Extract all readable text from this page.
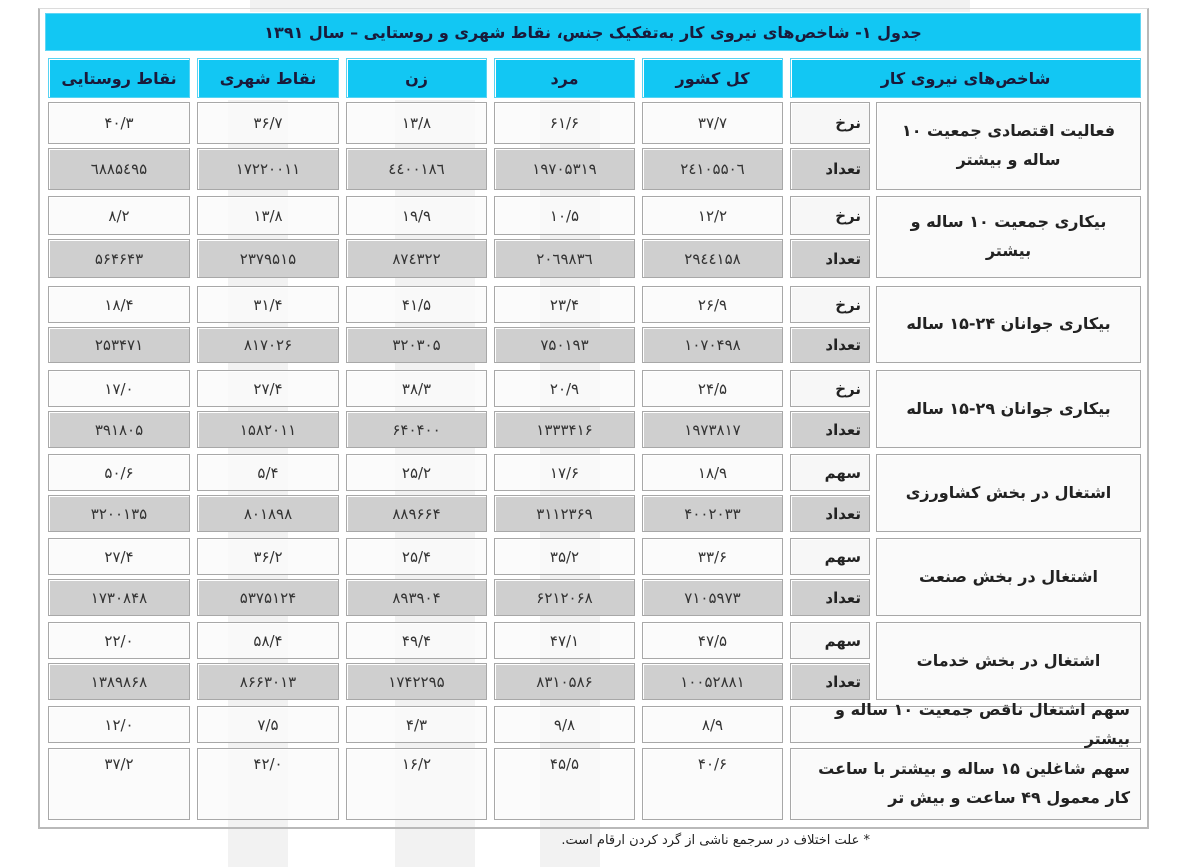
جدول ۱- شاخص‌های نیروی کار به‌تفکیک جنس، نقاط شهری و روستایی – سال ۱۳۹۱
شاخص‌های نیروی کار
کل کشور
مرد
زن
نقاط شهری
نقاط روستایی
فعالیت اقتصادی جمعیت ۱۰ ساله و بیشتر
نرخ
تعداد
۳۷/۷
۶۱/۶
۱۳/۸
۳۶/۷
۴۰/۳
۲٤۱۰۵۵۰٦
۱۹۷۰۵۳۱۹
٤٤۰۰۱۸٦
۱۷۲۲۰۰۱۱
٦۸۸۵٤۹۵
بیکاری جمعیت ۱۰ ساله و بیشتر
نرخ
تعداد
۱۲/۲
۱۰/۵
۱۹/۹
۱۳/۸
۸/۲
۲۹٤٤۱۵۸
۲۰٦۹۸۳٦
۸۷٤۳۲۲
۲۳۷۹۵۱۵
۵۶۴۶۴۳
بیکاری جوانان ۲۴-۱۵ ساله
نرخ
تعداد
۲۶/۹
۲۳/۴
۴۱/۵
۳۱/۴
۱۸/۴
۱۰۷۰۴۹۸
۷۵۰۱۹۳
۳۲۰۳۰۵
۸۱۷۰۲۶
۲۵۳۴۷۱
بیکاری جوانان ۲۹-۱۵ ساله
نرخ
تعداد
۲۴/۵
۲۰/۹
۳۸/۳
۲۷/۴
۱۷/۰
۱۹۷۳۸۱۷
۱۳۳۳۴۱۶
۶۴۰۴۰۰
۱۵۸۲۰۱۱
۳۹۱۸۰۵
اشتغال در بخش کشاورزی
سهم
تعداد
۱۸/۹
۱۷/۶
۲۵/۲
۵/۴
۵۰/۶
۴۰۰۲۰۳۳
۳۱۱۲۳۶۹
۸۸۹۶۶۴
۸۰۱۸۹۸
۳۲۰۰۱۳۵
اشتغال در بخش صنعت
سهم
تعداد
۳۳/۶
۳۵/۲
۲۵/۴
۳۶/۲
۲۷/۴
۷۱۰۵۹۷۳
۶۲۱۲۰۶۸
۸۹۳۹۰۴
۵۳۷۵۱۲۴
۱۷۳۰۸۴۸
اشتغال در بخش خدمات
سهم
تعداد
۴۷/۵
۴۷/۱
۴۹/۴
۵۸/۴
۲۲/۰
۱۰۰۵۲۸۸۱
۸۳۱۰۵۸۶
۱۷۴۲۲۹۵
۸۶۶۳۰۱۳
۱۳۸۹۸۶۸
سهم اشتغال ناقص جمعیت ۱۰ ساله و بیشتر
۸/۹
۹/۸
۴/۳
۷/۵
۱۲/۰
سهم شاغلین ۱۵ ساله و بیشتر با ساعت کار معمول ۴۹ ساعت و بیش تر
۴۰/۶
۴۵/۵
۱۶/۲
۴۲/۰
۳۷/۲
* علت اختلاف در سرجمع ناشی از گرد کردن ارقام است.
